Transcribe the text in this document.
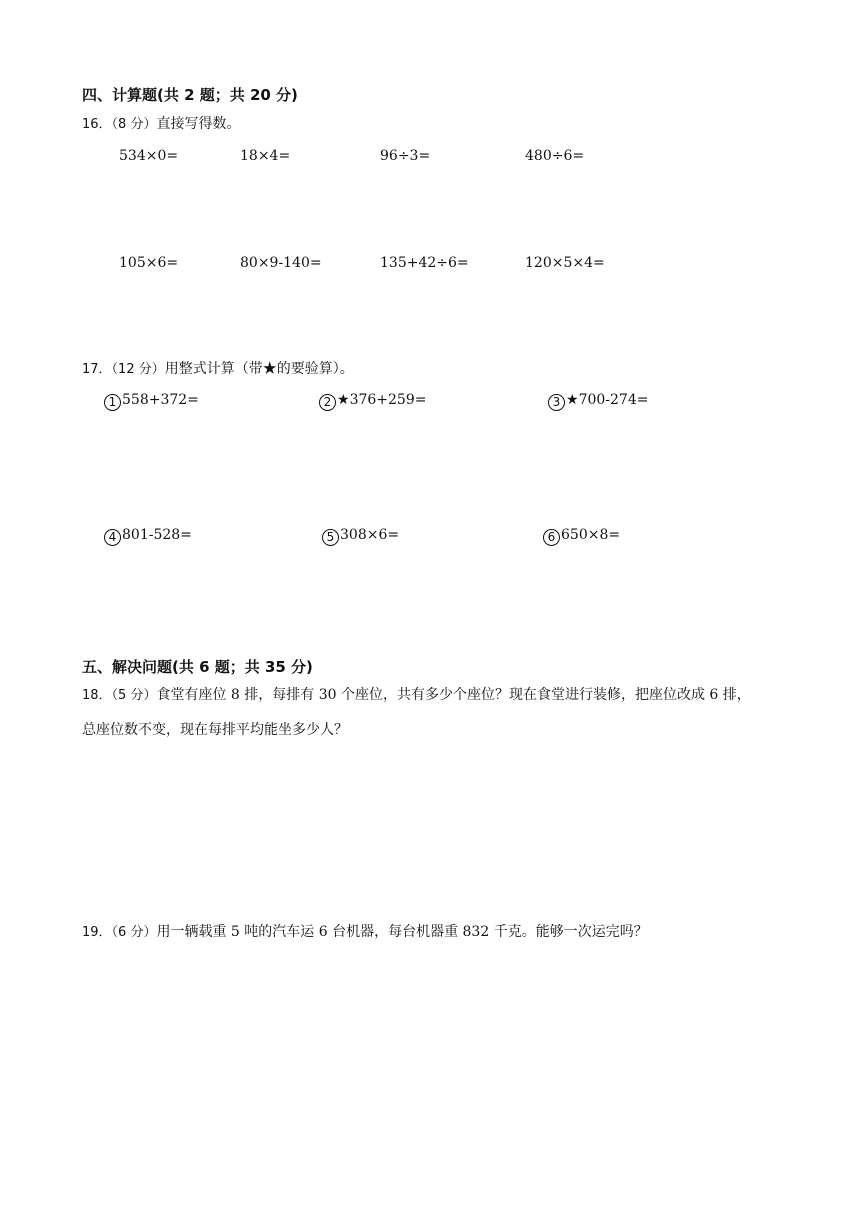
四、计算题(共 2 题；共 20 分)
16．（8 分）直接写得数。
534×0=	18×4=	96÷3=	480÷6=
105×6=	80×9-140=	135+42÷6=	120×5×4=
17．（12 分）用整式计算（带★的要验算）。
1 558+372=	2 ★376+259=	3 ★700-274=
4 801-528=	5 308×6=	6 650×8=
五、解决问题(共 6 题；共 35 分)
18．（5 分）食堂有座位 8 排，每排有 30 个座位，共有多少个座位？现在食堂进行装修，把座位改成 6 排，
总座位数不变，现在每排平均能坐多少人？
19．（6 分）用一辆载重 5 吨的汽车运 6 台机器，每台机器重 832 千克。能够一次运完吗？
